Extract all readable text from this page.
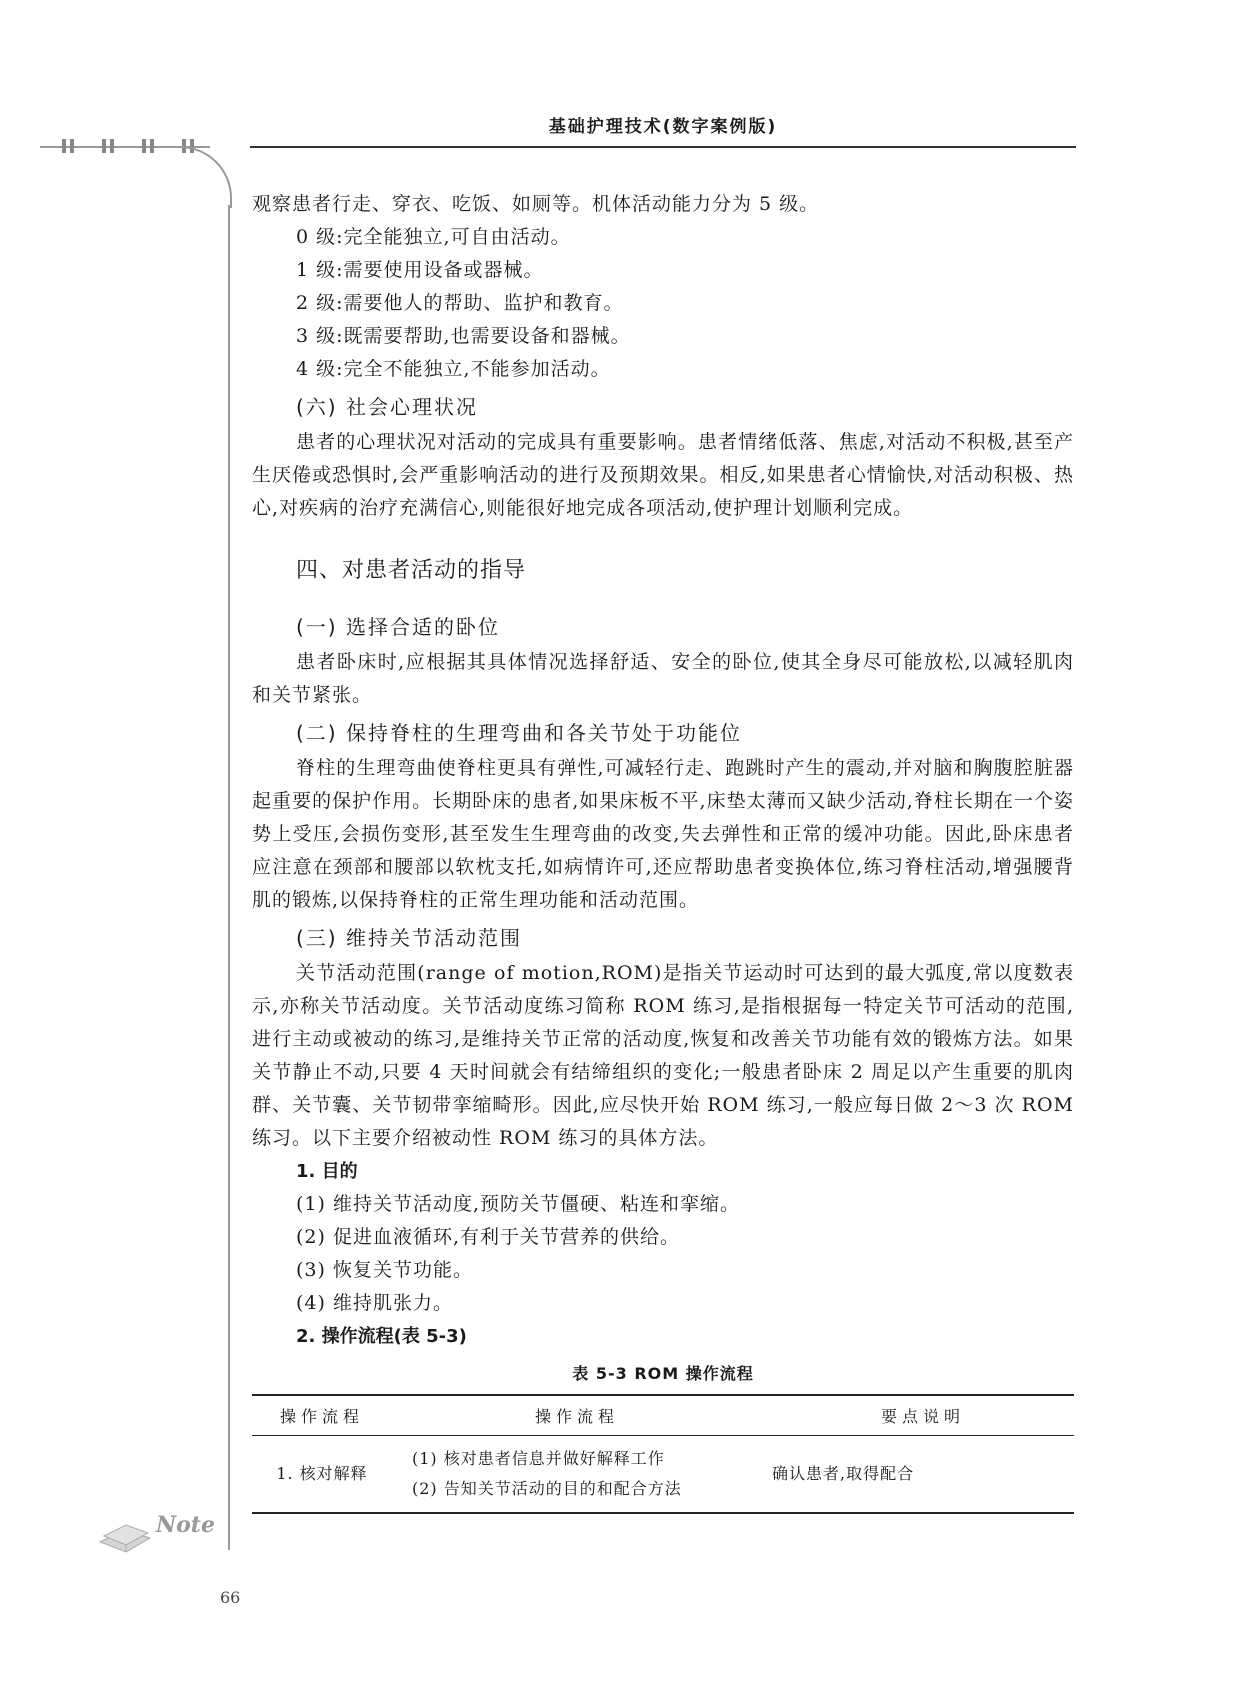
基础护理技术(数字案例版)

观察患者行走、穿衣、吃饭、如厕等。机体活动能力分为 5 级。

0 级:完全能独立,可自由活动。

1 级:需要使用设备或器械。

2 级:需要他人的帮助、监护和教育。

3 级:既需要帮助,也需要设备和器械。

4 级:完全不能独立,不能参加活动。

(六) 社会心理状况

患者的心理状况对活动的完成具有重要影响。患者情绪低落、焦虑,对活动不积极,甚至产生厌倦或恐惧时,会严重影响活动的进行及预期效果。相反,如果患者心情愉快,对活动积极、热心,对疾病的治疗充满信心,则能很好地完成各项活动,使护理计划顺利完成。

四、对患者活动的指导
(一) 选择合适的卧位

患者卧床时,应根据其具体情况选择舒适、安全的卧位,使其全身尽可能放松,以减轻肌肉和关节紧张。

(二) 保持脊柱的生理弯曲和各关节处于功能位

脊柱的生理弯曲使脊柱更具有弹性,可减轻行走、跑跳时产生的震动,并对脑和胸腹腔脏器起重要的保护作用。长期卧床的患者,如果床板不平,床垫太薄而又缺少活动,脊柱长期在一个姿势上受压,会损伤变形,甚至发生生理弯曲的改变,失去弹性和正常的缓冲功能。因此,卧床患者应注意在颈部和腰部以软枕支托,如病情许可,还应帮助患者变换体位,练习脊柱活动,增强腰背肌的锻炼,以保持脊柱的正常生理功能和活动范围。

(三) 维持关节活动范围

关节活动范围(range of motion,ROM)是指关节运动时可达到的最大弧度,常以度数表示,亦称关节活动度。关节活动度练习简称 ROM 练习,是指根据每一特定关节可活动的范围,进行主动或被动的练习,是维持关节正常的活动度,恢复和改善关节功能有效的锻炼方法。如果关节静止不动,只要 4 天时间就会有结缔组织的变化;一般患者卧床 2 周足以产生重要的肌肉群、关节囊、关节韧带挛缩畸形。因此,应尽快开始 ROM 练习,一般应每日做 2～3 次 ROM 练习。以下主要介绍被动性 ROM 练习的具体方法。

1. 目的

(1) 维持关节活动度,预防关节僵硬、粘连和挛缩。

(2) 促进血液循环,有利于关节营养的供给。

(3) 恢复关节功能。

(4) 维持肌张力。

2. 操作流程(表 5-3)
表 5-3 ROM 操作流程
操作流程	操作流程	要点说明
1. 核对解释	(1) 核对患者信息并做好解释工作
(2) 告知关节活动的目的和配合方法	确认患者,取得配合
Note
66
